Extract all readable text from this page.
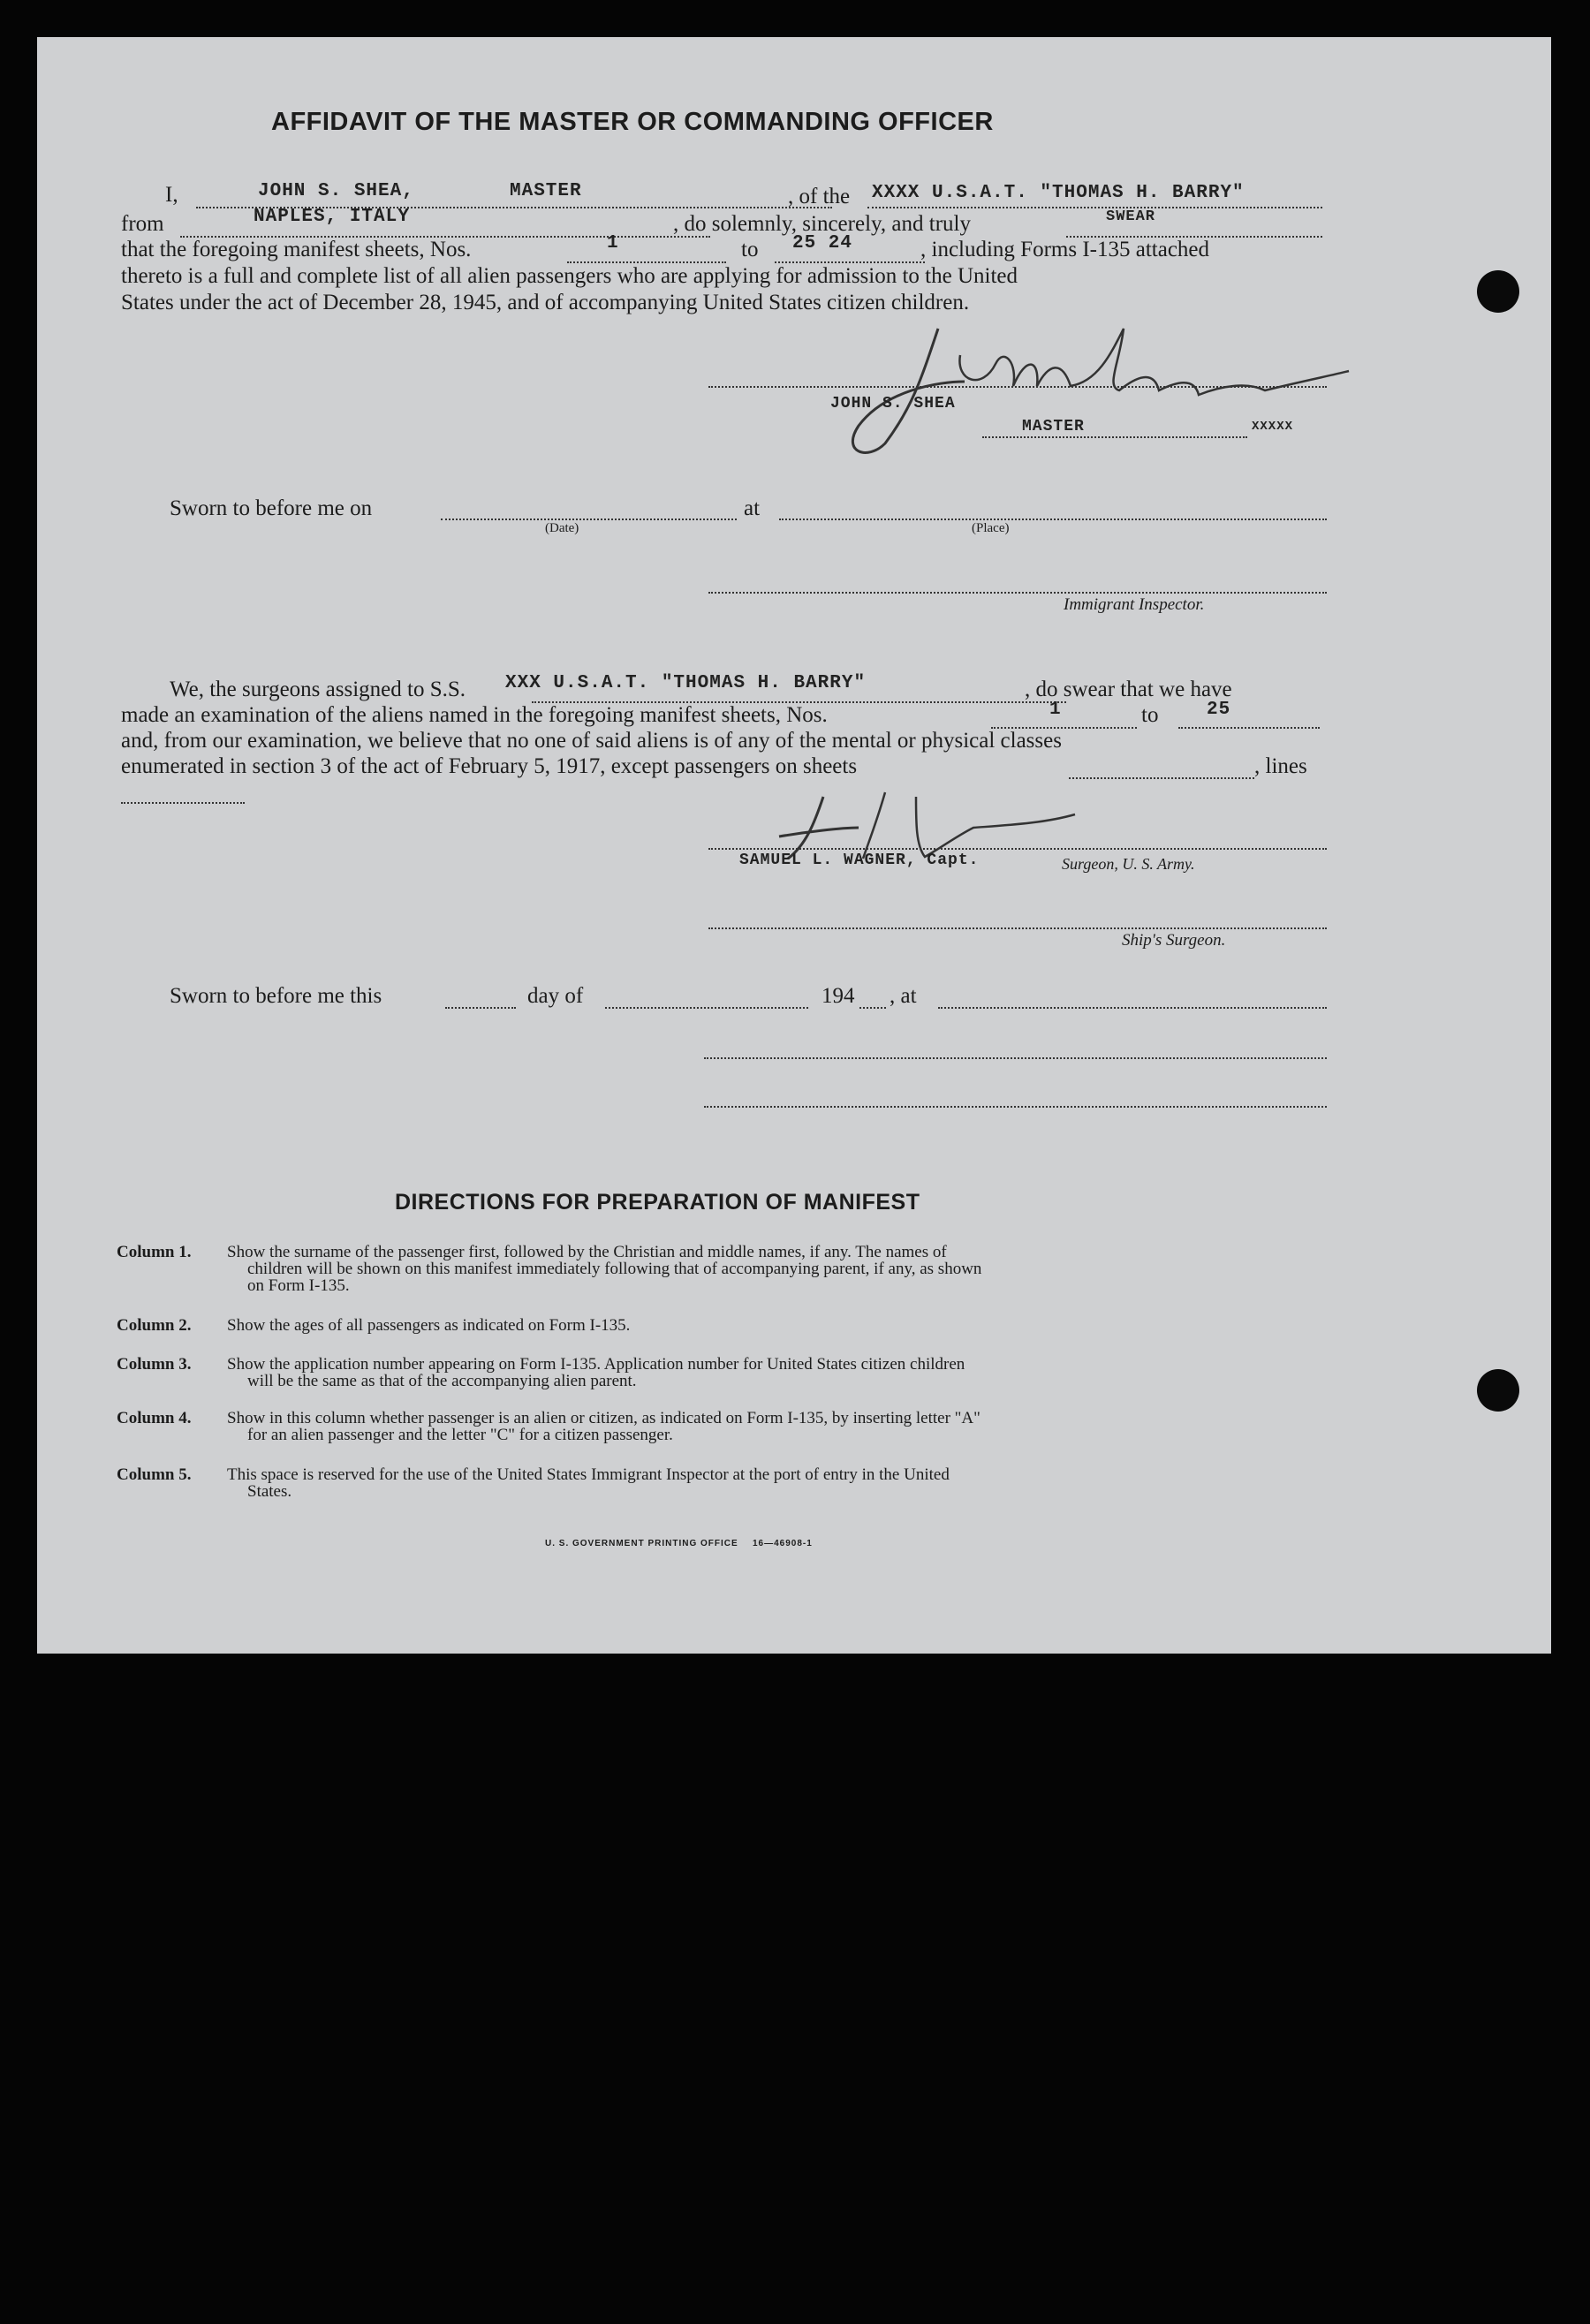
AFFIDAVIT OF THE MASTER OR COMMANDING OFFICER
I,	JOHN S. SHEA,	MASTER	, of the XXXX U.S.A.T. "THOMAS H. BARRY"
from	NAPLES, ITALY	, do solemnly, sincerely, and truly	SWEAR
that the foregoing manifest sheets, Nos.	1	to 25 24	, including Forms I-135 attached
thereto is a full and complete list of all alien passengers who are applying for admission to the United
States under the act of December 28, 1945, and of accompanying United States citizen children.
JOHN S. SHEA
MASTER	XXXXX
Sworn to before me on	at
(Date)	(Place)
Immigrant Inspector.
We, the surgeons assigned to S.S. XXX U.S.A.T. "THOMAS H. BARRY"	, do swear that we have
made an examination of the aliens named in the foregoing manifest sheets, Nos.	1	to	25
and, from our examination, we believe that no one of said aliens is of any of the mental or physical classes
enumerated in section 3 of the act of February 5, 1917, except passengers on sheets	, lines
SAMUEL L. WAGNER, Capt.	Surgeon, U. S. Army.
Ship's Surgeon.
Sworn to before me this	day of	194 , at
DIRECTIONS FOR PREPARATION OF MANIFEST
Column 1. Show the surname of the passenger first, followed by the Christian and middle names, if any. The names of
children will be shown on this manifest immediately following that of accompanying parent, if any, as shown
on Form I-135.
Column 2. Show the ages of all passengers as indicated on Form I-135.
Column 3. Show the application number appearing on Form I-135. Application number for United States citizen children
will be the same as that of the accompanying alien parent.
Column 4. Show in this column whether passenger is an alien or citizen, as indicated on Form I-135, by inserting letter "A"
for an alien passenger and the letter "C" for a citizen passenger.
Column 5. This space is reserved for the use of the United States Immigrant Inspector at the port of entry in the United
States.
U. S. GOVERNMENT PRINTING OFFICE 16—46908-1
